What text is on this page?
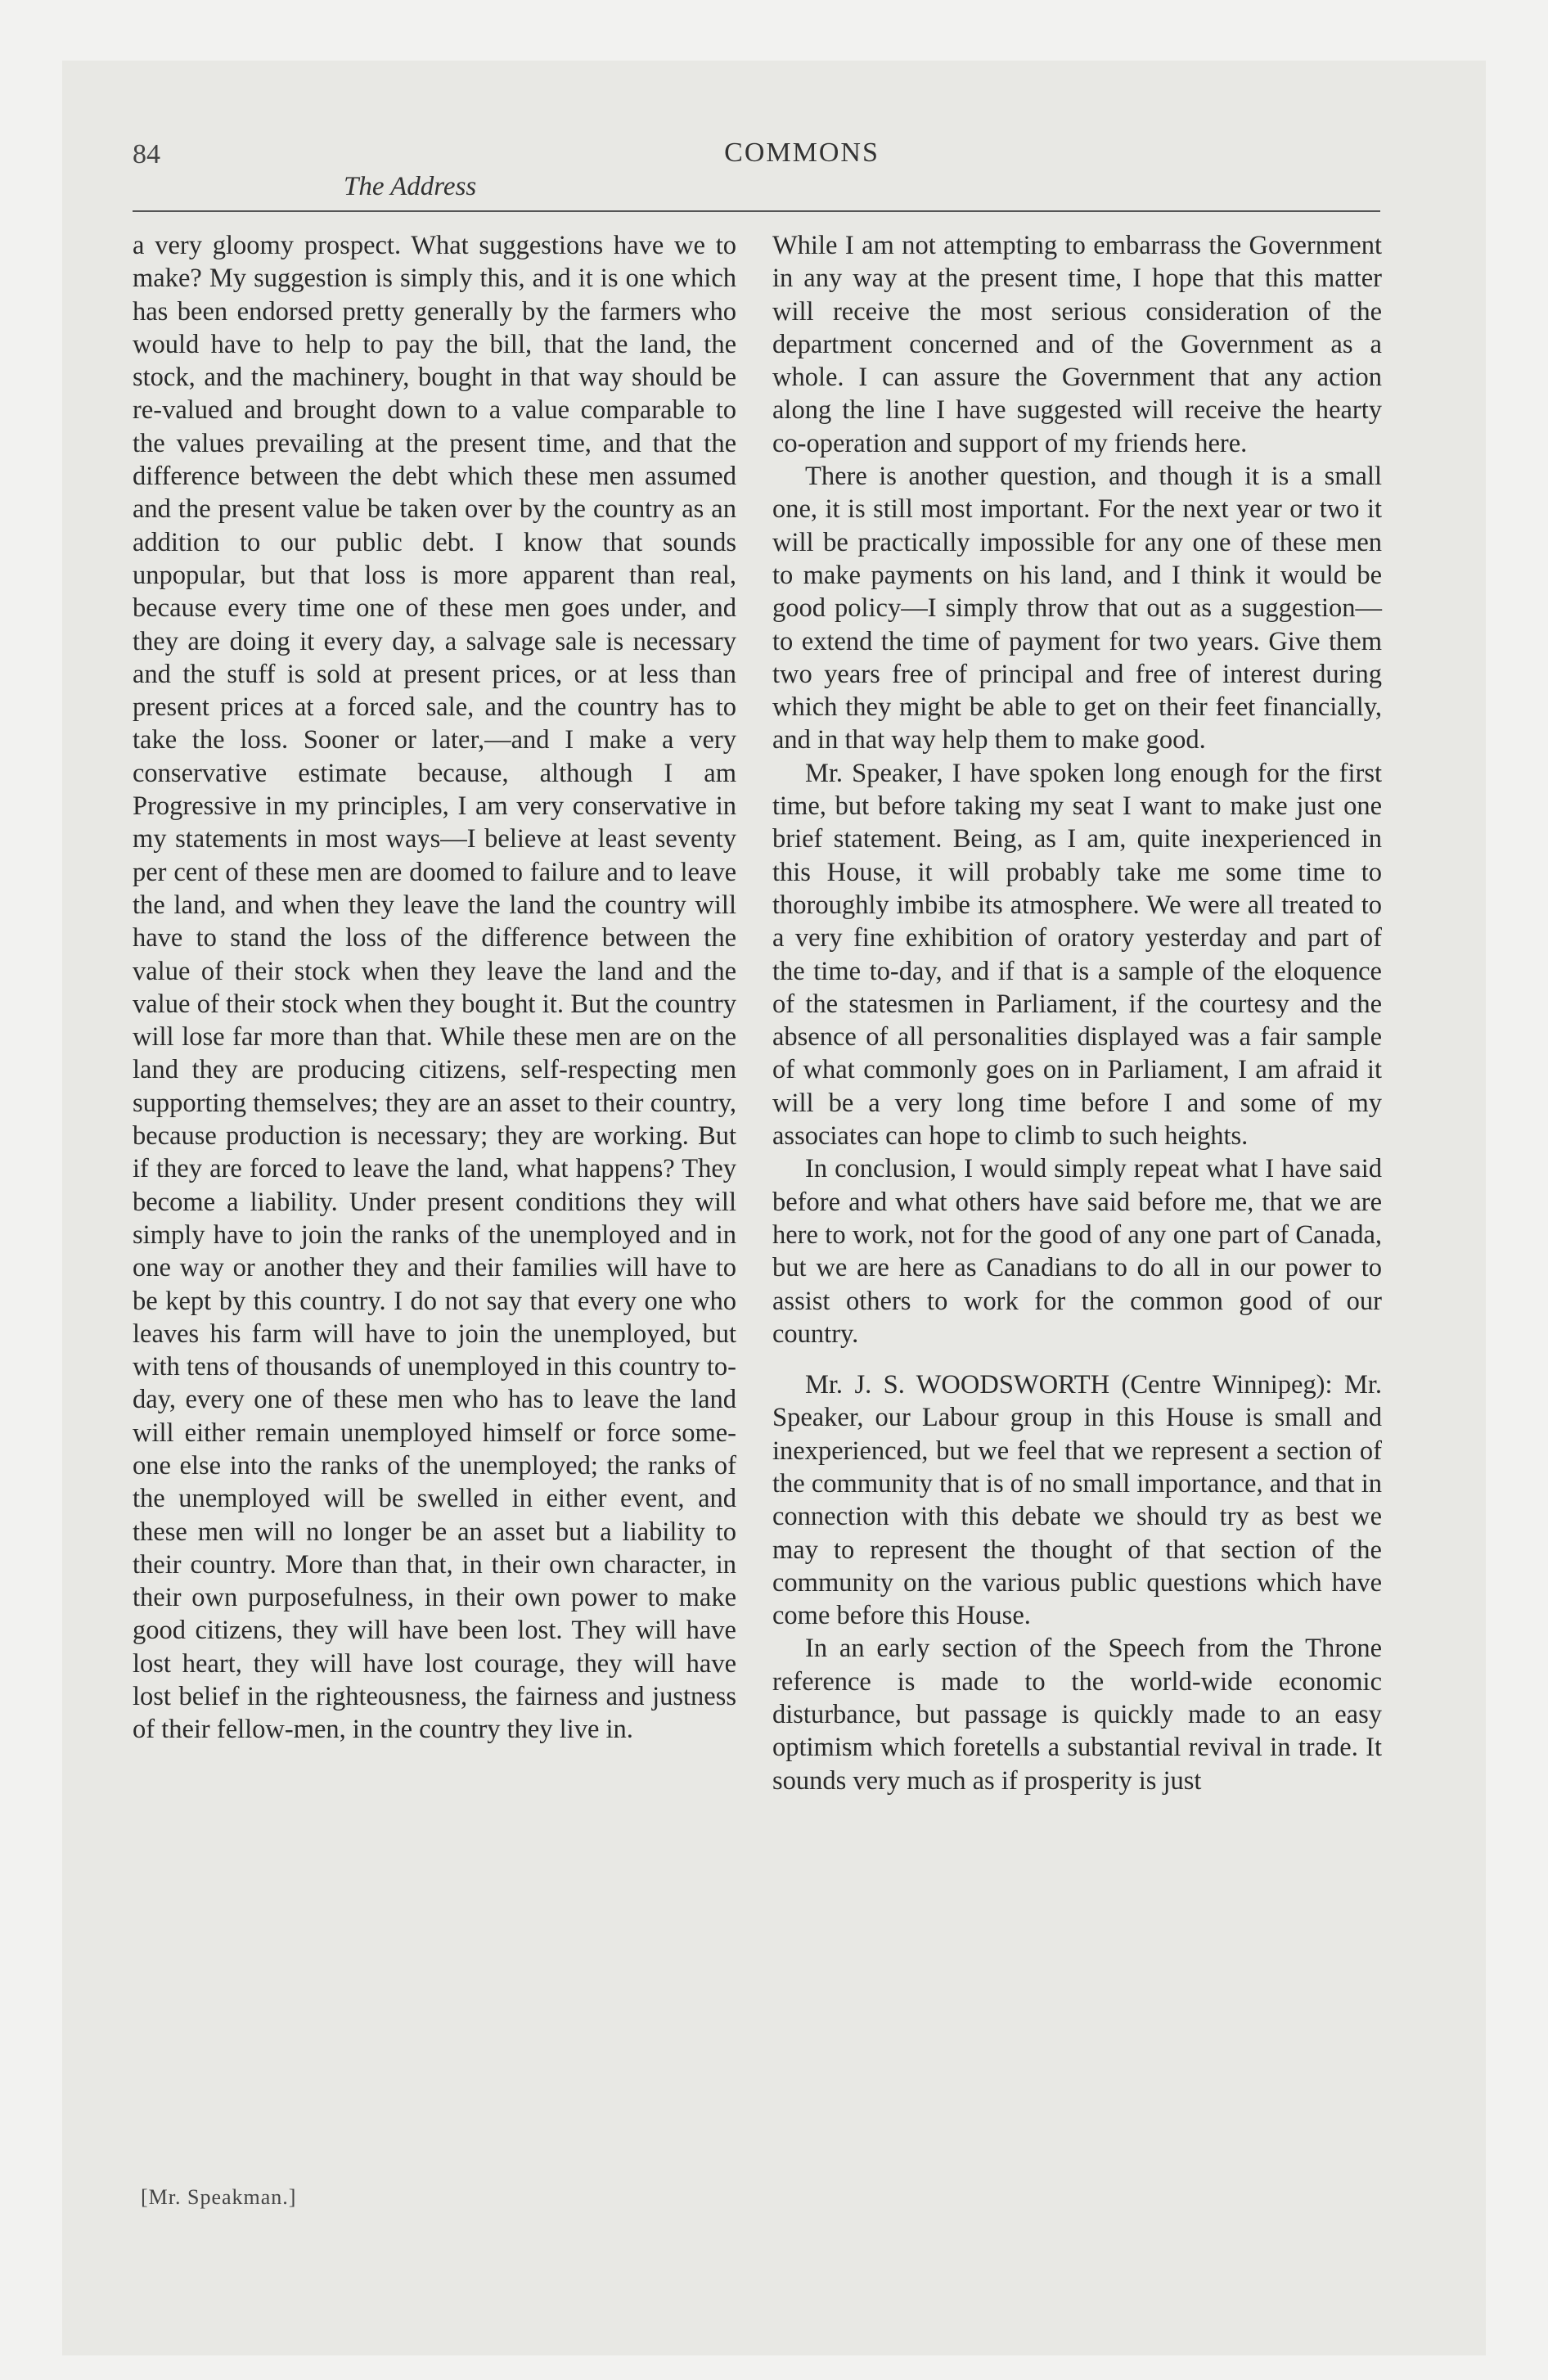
84	COMMONS
The Address

a very gloomy prospect. What suggestions have we to make? My suggestion is simply this, and it is one which has been endorsed pretty generally by the farmers who would have to help to pay the bill, that the land, the stock, and the machinery, bought in that way should be re-valued and brought down to a value comparable to the values prevailing at the present time, and that the difference between the debt which these men assumed and the present value be taken over by the country as an addition to our public debt. I know that sounds unpopular, but that loss is more apparent than real, because every time one of these men goes under, and they are doing it every day, a salvage sale is necessary and the stuff is sold at present prices, or at less than present prices at a forced sale, and the country has to take the loss. Sooner or later,—and I make a very conservative estimate because, although I am Progressive in my principles, I am very conservative in my statements in most ways—I believe at least seventy per cent of these men are doomed to failure and to leave the land, and when they leave the land the country will have to stand the loss of the difference between the value of their stock when they leave the land and the value of their stock when they bought it. But the country will lose far more than that. While these men are on the land they are producing citizens, self-respecting men supporting themselves; they are an asset to their country, because production is necessary; they are working. But if they are forced to leave the land, what happens? They become a liability. Under present conditions they will simply have to join the ranks of the unemployed and in one way or another they and their families will have to be kept by this country. I do not say that every one who leaves his farm will have to join the unemployed, but with tens of thousands of unemployed in this country to-day, every one of these men who has to leave the land will either remain unemployed himself or force some-one else into the ranks of the unemployed; the ranks of the unemployed will be swelled in either event, and these men will no longer be an asset but a liability to their country. More than that, in their own character, in their own purposefulness, in their own power to make good citizens, they will have been lost. They will have lost heart, they will have lost courage, they will have lost belief in the righteousness, the fairness and justness of their fellow-men, in the country they live in.

While I am not attempting to embarrass the Government in any way at the present time, I hope that this matter will receive the most serious consideration of the department concerned and of the Government as a whole. I can assure the Government that any action along the line I have suggested will receive the hearty co-operation and support of my friends here.

There is another question, and though it is a small one, it is still most important. For the next year or two it will be practically impossible for any one of these men to make payments on his land, and I think it would be good policy—I simply throw that out as a suggestion—to extend the time of payment for two years. Give them two years free of principal and free of interest during which they might be able to get on their feet financially, and in that way help them to make good.

Mr. Speaker, I have spoken long enough for the first time, but before taking my seat I want to make just one brief statement. Being, as I am, quite inexperienced in this House, it will probably take me some time to thoroughly imbibe its atmosphere. We were all treated to a very fine exhibition of oratory yesterday and part of the time to-day, and if that is a sample of the eloquence of the statesmen in Parliament, if the courtesy and the absence of all personalities displayed was a fair sample of what commonly goes on in Parliament, I am afraid it will be a very long time before I and some of my associates can hope to climb to such heights.

In conclusion, I would simply repeat what I have said before and what others have said before me, that we are here to work, not for the good of any one part of Canada, but we are here as Canadians to do all in our power to assist others to work for the common good of our country.

Mr. J. S. WOODSWORTH (Centre Winnipeg): Mr. Speaker, our Labour group in this House is small and inexperienced, but we feel that we represent a section of the community that is of no small importance, and that in connection with this debate we should try as best we may to represent the thought of that section of the community on the various public questions which have come before this House.

In an early section of the Speech from the Throne reference is made to the world-wide economic disturbance, but passage is quickly made to an easy optimism which foretells a substantial revival in trade. It sounds very much as if prosperity is just

[Mr. Speakman.]
